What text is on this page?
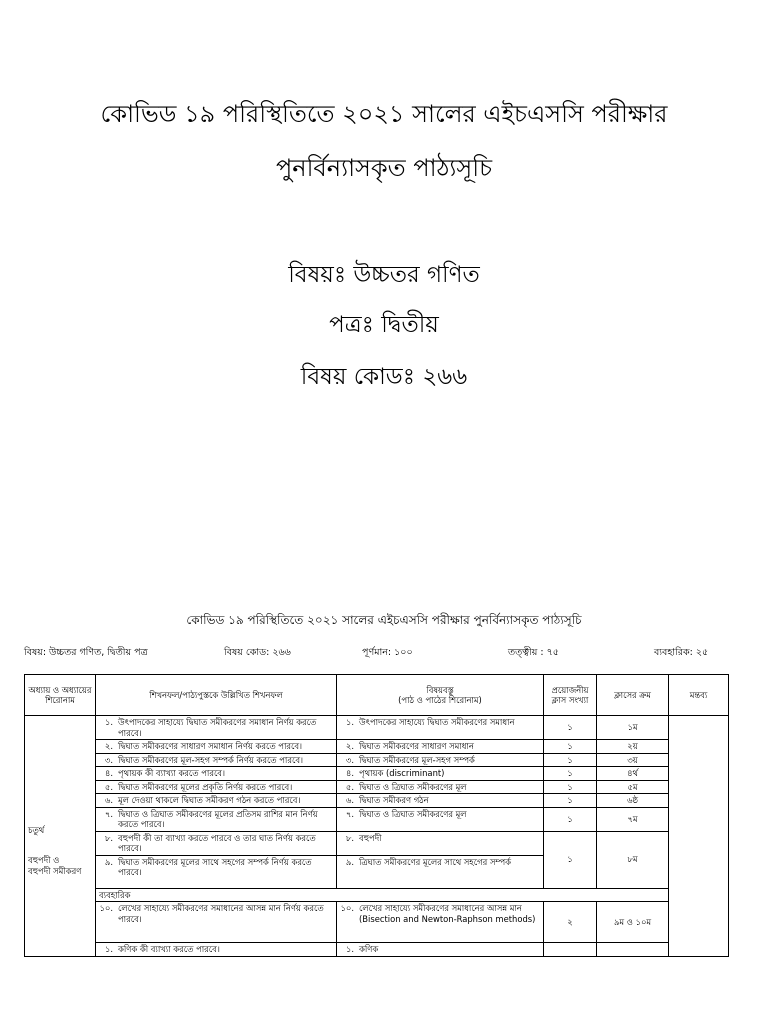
কোভিড ১৯ পরিস্থিতিতে ২০২১ সালের এইচএসসি পরীক্ষার
পুনর্বিন্যাসকৃত পাঠ্যসূচি
বিষয়ঃ উচ্চতর গণিত
পত্রঃ দ্বিতীয়
বিষয় কোডঃ ২৬৬
কোভিড ১৯ পরিস্থিতিতে ২০২১ সালের এইচএসসি পরীক্ষার পুনর্বিন্যাসকৃত পাঠ্যসূচি
বিষয়: উচ্চতর গণিত, দ্বিতীয় পত্র	বিষয় কোড: ২৬৬	পূর্ণমান: ১০০	তত্ত্বীয় : ৭৫	ব্যবহারিক: ২৫
অধ্যায় ও অধ্যায়ের শিরোনাম	শিখনফল/পাঠ্যপুস্তকে উল্লিখিত শিখনফল	বিষয়বস্তু
(পাঠ ও পাঠের শিরোনাম)	প্রয়োজনীয় ক্লাস সংখ্যা	ক্লাসের ক্রম	মন্তব্য

চতুর্থ
বহুপদী ও
বহুপদী সমীকরণ	১. উৎপাদকের সাহায্যে দ্বিঘাত সমীকরণের সমাধান নির্ণয় করতে পারবে।	১. উৎপাদকের সাহায্যে দ্বিঘাত সমীকরণের সমাধান	১	১ম	

	২. দ্বিঘাত সমীকরণের সাধারণ সমাধান নির্ণয় করতে পারবে।	২. দ্বিঘাত সমীকরণের সাধারণ সমাধান	১	২য়	

	৩. দ্বিঘাত সমীকরণের মূল-সহগ সম্পর্ক নির্ণয় করতে পারবে।	৩. দ্বিঘাত সমীকরণের মূল-সহগ সম্পর্ক	১	৩য়	

	৪. পৃথায়ক কী ব্যাখ্যা করতে পারবে।	৪. পৃথায়ক (discriminant)	১	৪র্থ	

	৫. দ্বিঘাত সমীকরণের মূলের প্রকৃতি নির্ণয় করতে পারবে।	৫. দ্বিঘাত ও ত্রিঘাত সমীকরণের মূল	১	৫ম	

	৬. মূল দেওয়া থাকলে দ্বিঘাত সমীকরণ গঠন করতে পারবে।	৬. দ্বিঘাত সমীকরণ গঠন	১	৬ষ্ঠ	

	৭. দ্বিঘাত ও ত্রিঘাত সমীকরণের মূলের প্রতিসম রাশির মান নির্ণয় করতে পারবে।	৭. দ্বিঘাত ও ত্রিঘাত সমীকরণের মূল	১	৭ম	

	৮. বহুপদী কী তা ব্যাখ্যা করতে পারবে ও তার ঘাত নির্ণয় করতে পারবে।	৮. বহুপদী	১	৮ম	

	৯. দ্বিঘাত সমীকরণের মূলের সাথে সহগের সম্পর্ক নির্ণয় করতে পারবে।	৯. ত্রিঘাত সমীকরণের মূলের সাথে সহগের সম্পর্ক			

	ব্যবহারিক				

	১০. লেখের সাহায্যে সমীকরণের সমাধানের আসন্ন মান নির্ণয় করতে পারবে।	১০. লেখের সাহায্যে সমীকরণের সমাধানের আসন্ন মান (Bisection and Newton-Raphson methods)	২	৯ম ও ১০ম	

	১. কণিক কী ব্যাখ্যা করতে পারবে।	১. কণিক			
